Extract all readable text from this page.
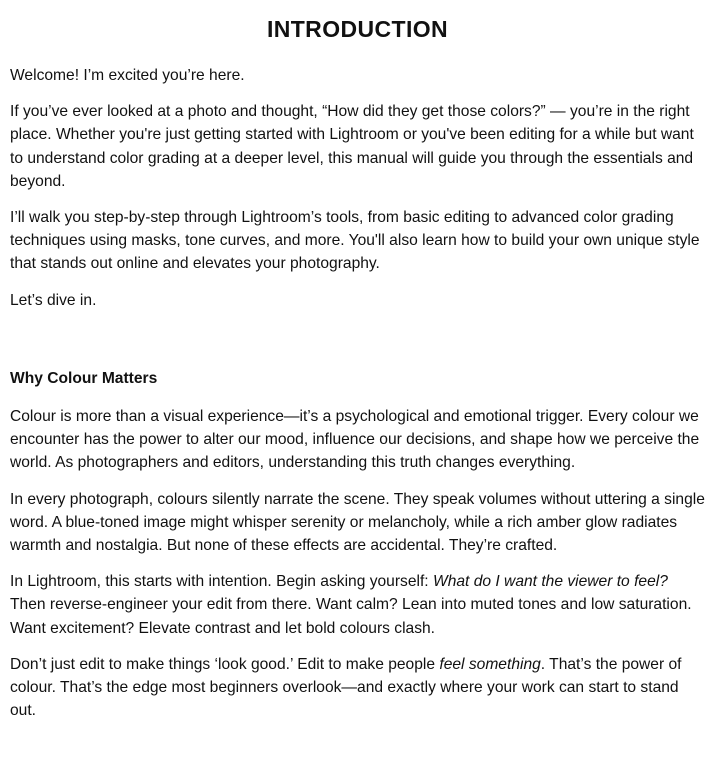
INTRODUCTION

Welcome! I’m excited you’re here.

If you’ve ever looked at a photo and thought, “How did they get those colors?” — you’re in the right place. Whether you're just getting started with Lightroom or you've been editing for a while but want to understand color grading at a deeper level, this manual will guide you through the essentials and beyond.

I’ll walk you step-by-step through Lightroom’s tools, from basic editing to advanced color grading techniques using masks, tone curves, and more. You'll also learn how to build your own unique style that stands out online and elevates your photography.

Let’s dive in.

Why Colour Matters

Colour is more than a visual experience—it’s a psychological and emotional trigger. Every colour we encounter has the power to alter our mood, influence our decisions, and shape how we perceive the world. As photographers and editors, understanding this truth changes everything.

In every photograph, colours silently narrate the scene. They speak volumes without uttering a single word. A blue-toned image might whisper serenity or melancholy, while a rich amber glow radiates warmth and nostalgia. But none of these effects are accidental. They’re crafted.

In Lightroom, this starts with intention. Begin asking yourself: What do I want the viewer to feel? Then reverse-engineer your edit from there. Want calm? Lean into muted tones and low saturation. Want excitement? Elevate contrast and let bold colours clash.

Don’t just edit to make things ‘look good.’ Edit to make people feel something. That’s the power of colour. That’s the edge most beginners overlook—and exactly where your work can start to stand out.
